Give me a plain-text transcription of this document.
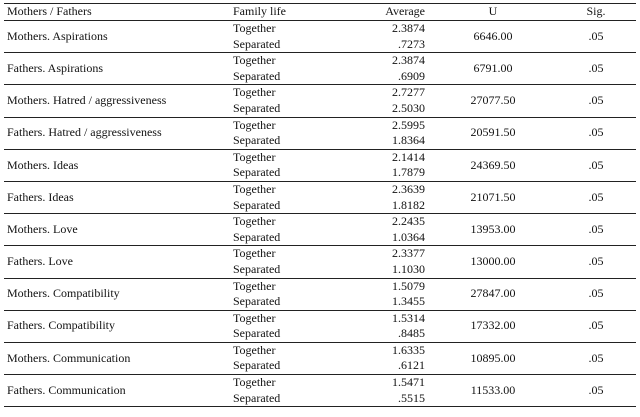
Mothers / Fathers	Family life	Average	U	Sig.
Mothers. Aspirations	Together	2.3874	6646.00	.05
	Separated	.7273		
Fathers. Aspirations	Together	2.3874	6791.00	.05
	Separated	.6909		
Mothers. Hatred / aggressiveness	Together	2.7277	27077.50	.05
	Separated	2.5030		
Fathers. Hatred / aggressiveness	Together	2.5995	20591.50	.05
	Separated	1.8364		
Mothers. Ideas	Together	2.1414	24369.50	.05
	Separated	1.7879		
Fathers. Ideas	Together	2.3639	21071.50	.05
	Separated	1.8182		
Mothers. Love	Together	2.2435	13953.00	.05
	Separated	1.0364		
Fathers. Love	Together	2.3377	13000.00	.05
	Separated	1.1030		
Mothers. Compatibility	Together	1.5079	27847.00	.05
	Separated	1.3455		
Fathers. Compatibility	Together	1.5314	17332.00	.05
	Separated	.8485		
Mothers. Communication	Together	1.6335	10895.00	.05
	Separated	.6121		
Fathers. Communication	Together	1.5471	11533.00	.05
	Separated	.5515		
